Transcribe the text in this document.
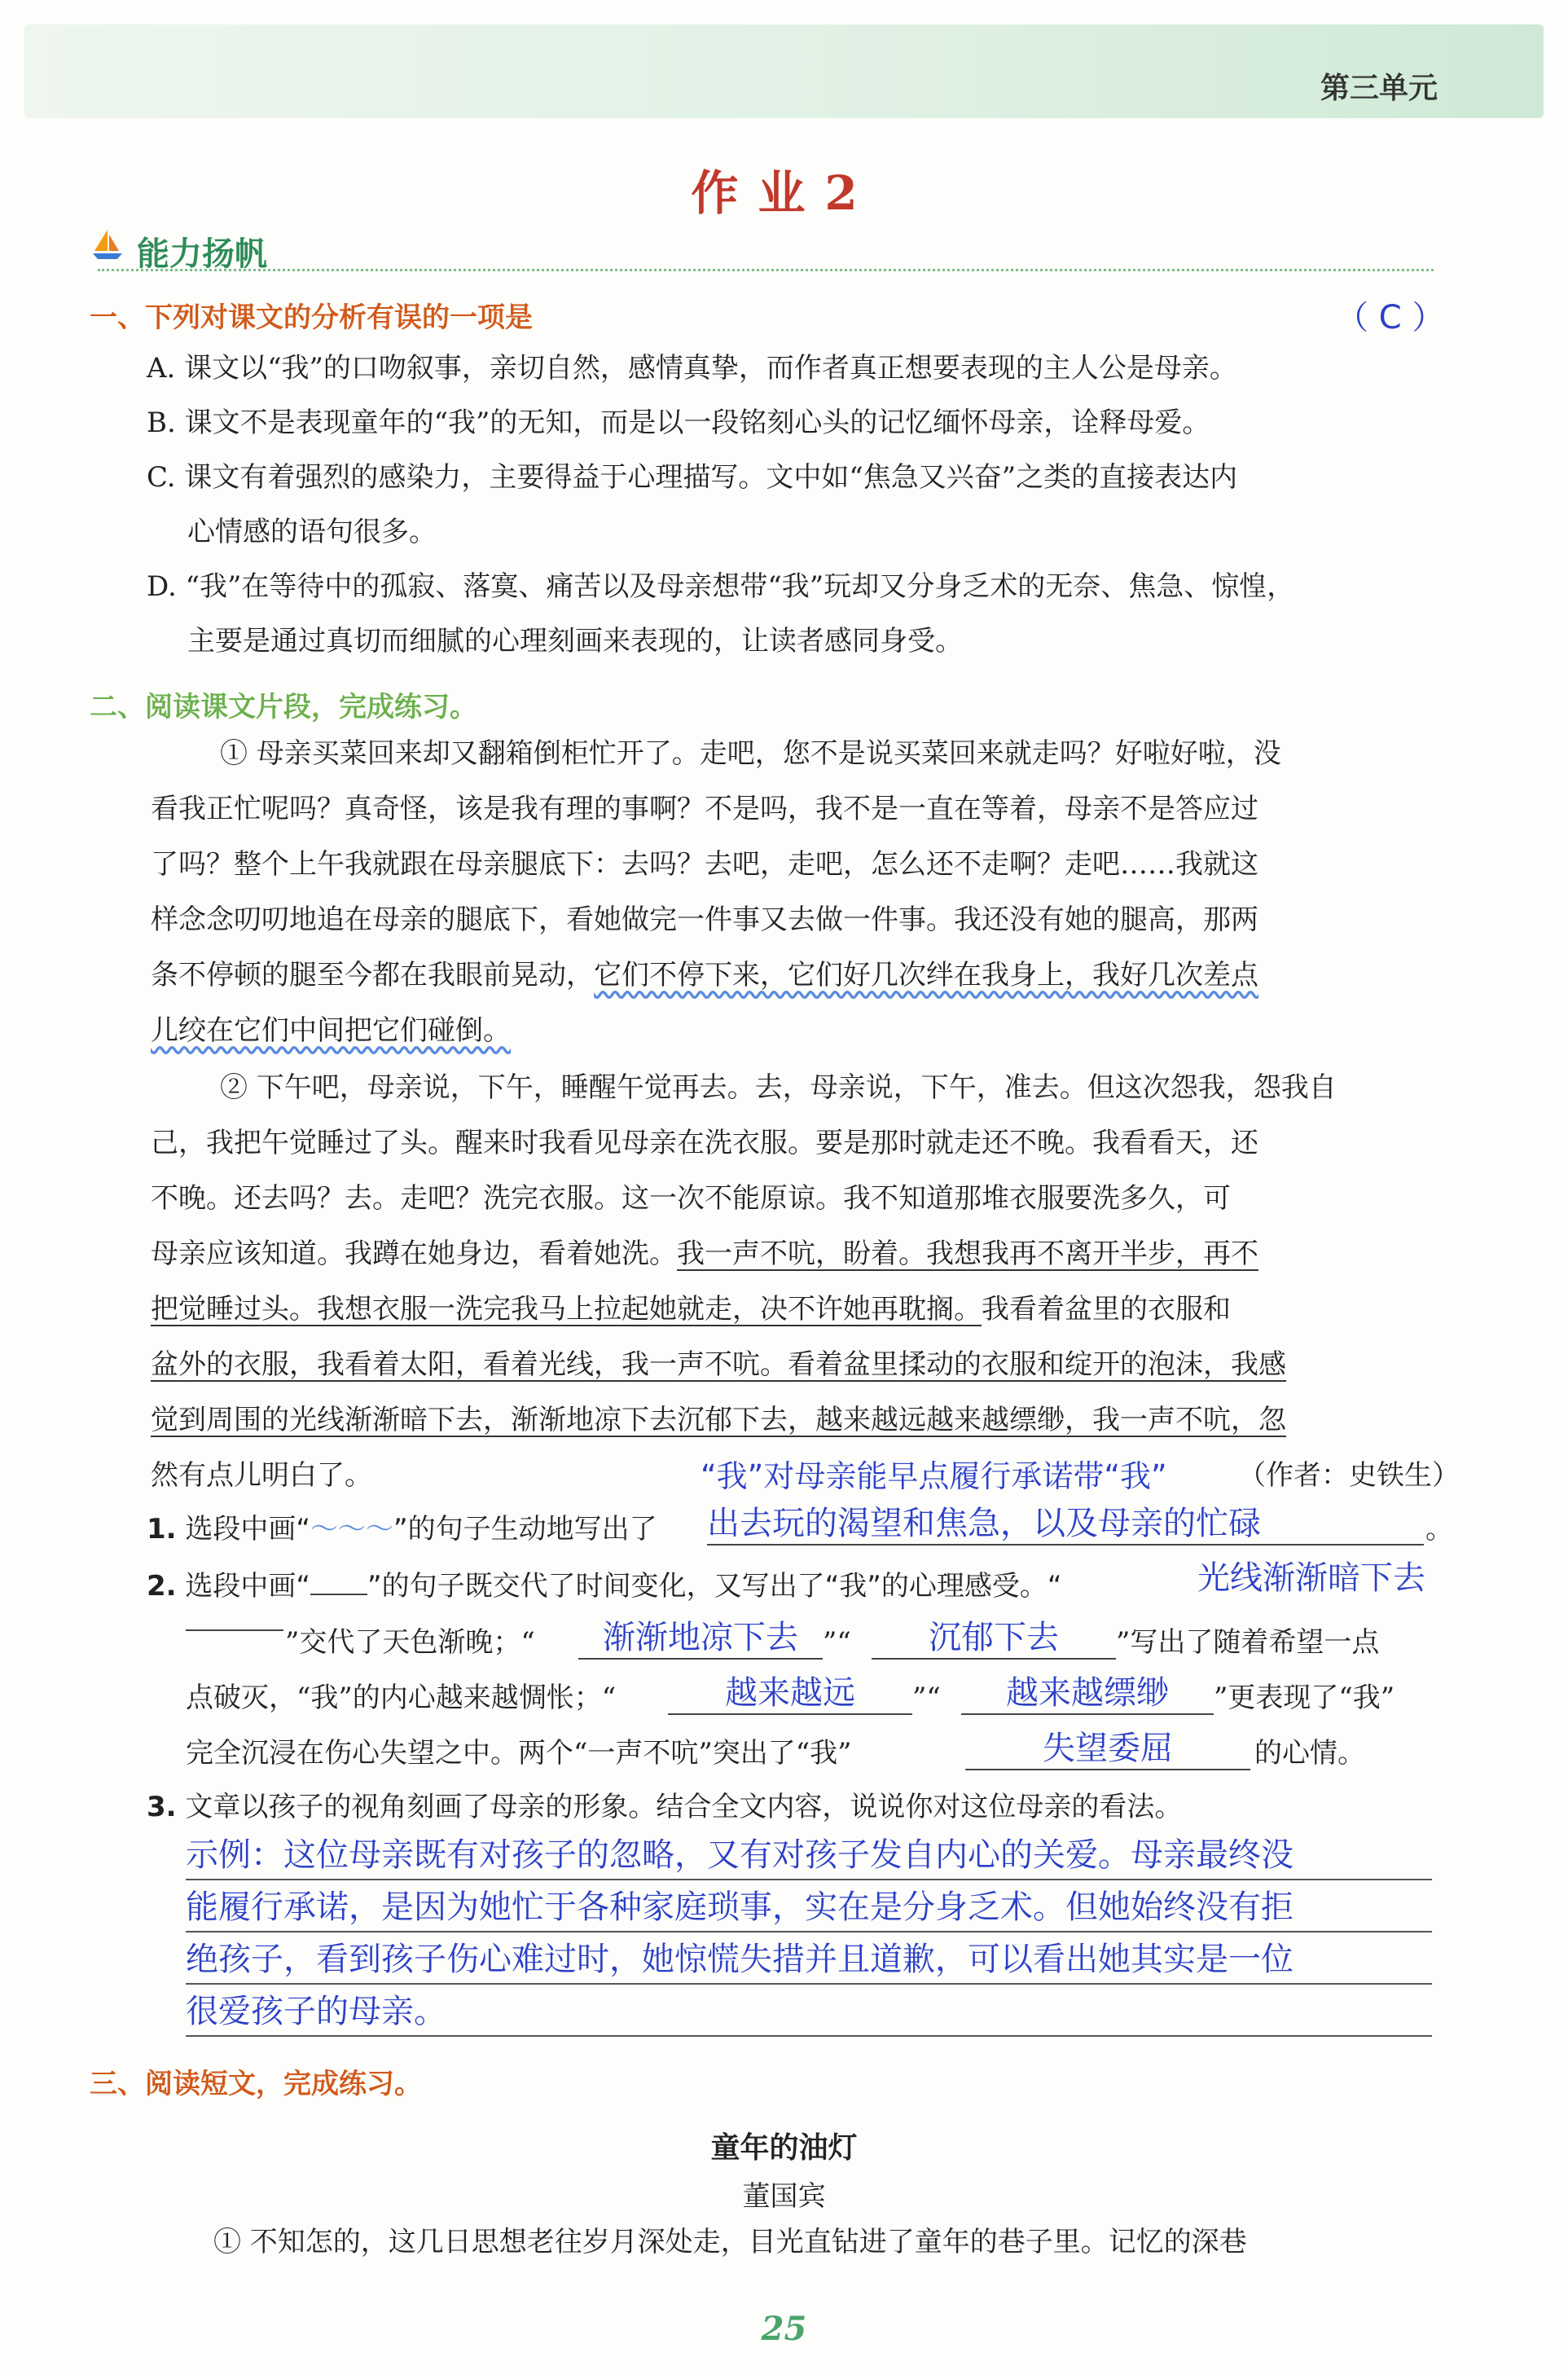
第三单元
作业2
能力扬帆
一、下列对课文的分析有误的一项是	（ C ）
A. 课文以“我”的口吻叙事，亲切自然，感情真挚，而作者真正想要表现的主人公是母亲。
B. 课文不是表现童年的“我”的无知，而是以一段铭刻心头的记忆缅怀母亲，诠释母爱。
C. 课文有着强烈的感染力，主要得益于心理描写。文中如“焦急又兴奋”之类的直接表达内
心情感的语句很多。
D. “我”在等待中的孤寂、落寞、痛苦以及母亲想带“我”玩却又分身乏术的无奈、焦急、惊惶，
主要是通过真切而细腻的心理刻画来表现的，让读者感同身受。
二、阅读课文片段，完成练习。
① 母亲买菜回来却又翻箱倒柜忙开了。走吧，您不是说买菜回来就走吗？好啦好啦，没
看我正忙呢吗？真奇怪，该是我有理的事啊？不是吗，我不是一直在等着，母亲不是答应过
了吗？整个上午我就跟在母亲腿底下：去吗？去吧，走吧，怎么还不走啊？走吧……我就这
样念念叨叨地追在母亲的腿底下，看她做完一件事又去做一件事。我还没有她的腿高，那两
条不停顿的腿至今都在我眼前晃动，它们不停下来，它们好几次绊在我身上，我好几次差点
儿绞在它们中间把它们碰倒。
② 下午吧，母亲说，下午，睡醒午觉再去。去，母亲说，下午，准去。但这次怨我，怨我自
己，我把午觉睡过了头。醒来时我看见母亲在洗衣服。要是那时就走还不晚。我看看天，还
不晚。还去吗？去。走吧？洗完衣服。这一次不能原谅。我不知道那堆衣服要洗多久，可
母亲应该知道。我蹲在她身边，看着她洗。我一声不吭，盼着。我想我再不离开半步，再不
把觉睡过头。我想衣服一洗完我马上拉起她就走，决不许她再耽搁。我看着盆里的衣服和
盆外的衣服，我看着太阳，看着光线，我一声不吭。看着盆里揉动的衣服和绽开的泡沫，我感
觉到周围的光线渐渐暗下去，渐渐地凉下去沉郁下去，越来越远越来越缥缈，我一声不吭，忽
然有点儿明白了。	“我”对母亲能早点履行承诺带“我”	（作者：史铁生）
1. 选段中画“～～～”的句子生动地写出了 出去玩的渴望和焦急，以及母亲的忙碌	。
2. 选段中画“ ”的句子既交代了时间变化，又写出了“我”的心理感受。“	光线渐渐暗下去
”交代了天色渐晚；“	渐渐地凉下去 ”“	沉郁下去	”写出了随着希望一点
点破灭，“我”的内心越来越惆怅；“	越来越远	”“	越来越缥缈	”更表现了“我”
完全沉浸在伤心失望之中。两个“一声不吭”突出了“我”	失望委屈	的心情。
3. 文章以孩子的视角刻画了母亲的形象。结合全文内容，说说你对这位母亲的看法。
示例：这位母亲既有对孩子的忽略，又有对孩子发自内心的关爱。母亲最终没
能履行承诺，是因为她忙于各种家庭琐事，实在是分身乏术。但她始终没有拒
绝孩子，看到孩子伤心难过时，她惊慌失措并且道歉，可以看出她其实是一位
很爱孩子的母亲。
三、阅读短文，完成练习。
童年的油灯
董国宾
① 不知怎的，这几日思想老往岁月深处走，目光直钻进了童年的巷子里。记忆的深巷
25
